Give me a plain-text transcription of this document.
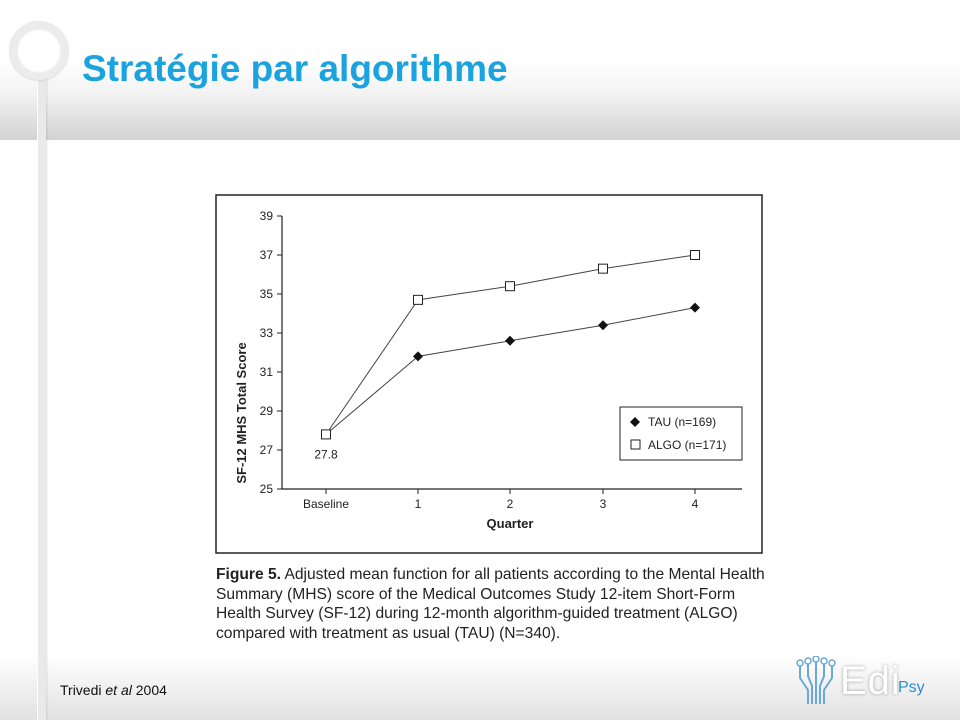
Stratégie par algorithme
25
27
29
31
33
35
37
39
Baseline	1	2	3	4
SF-12 MHS Total Score
Quarter
27.8
TAU (n=169)
ALGO (n=171)

Figure 5. Adjusted mean function for all patients according to the Mental Health Summary (MHS) score of the Medical Outcomes Study 12-item Short-Form Health Survey (SF-12) during 12-month algorithm-guided treatment (ALGO) compared with treatment as usual (TAU) (N=340).

Trivedi et al 2004	Edi
Psy
